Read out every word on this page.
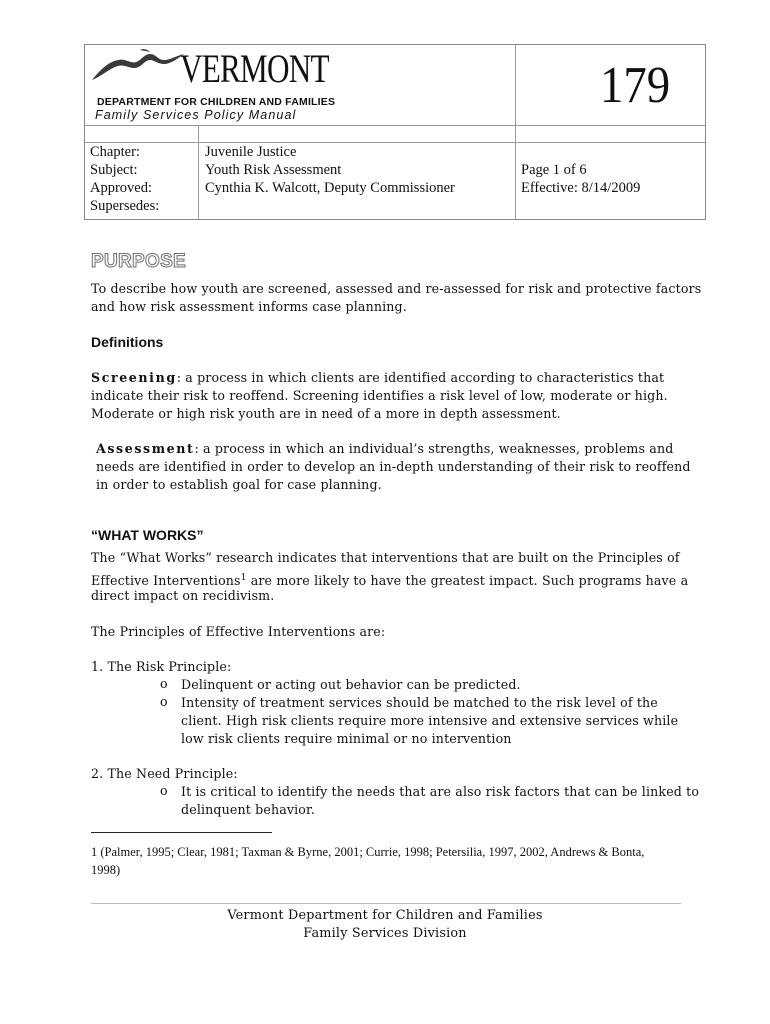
VERMONT
DEPARTMENT FOR CHILDREN AND FAMILIES
Family Services Policy Manual
179
Chapter:
Subject:
Approved:
Supersedes:
Juvenile Justice
Youth Risk Assessment
Cynthia K. Walcott, Deputy Commissioner
Page 1 of 6
Effective: 8/14/2009
PURPOSE
To describe how youth are screened, assessed and re-assessed for risk and protective factors
and how risk assessment informs case planning.
Definitions
Screening: a process in which clients are identified according to characteristics that
indicate their risk to reoffend. Screening identifies a risk level of low, moderate or high.
Moderate or high risk youth are in need of a more in depth assessment.
Assessment: a process in which an individual’s strengths, weaknesses, problems and
needs are identified in order to develop an in-depth understanding of their risk to reoffend
in order to establish goal for case planning.
“WHAT WORKS”
The “What Works” research indicates that interventions that are built on the Principles of
Effective Interventions$^1$ are more likely to have the greatest impact. Such programs have a
direct impact on recidivism.
The Principles of Effective Interventions are:
1. The Risk Principle:
o Delinquent or acting out behavior can be predicted.
o Intensity of treatment services should be matched to the risk level of the
client. High risk clients require more intensive and extensive services while
low risk clients require minimal or no intervention
2. The Need Principle:
o It is critical to identify the needs that are also risk factors that can be linked to
delinquent behavior.
1 (Palmer, 1995; Clear, 1981; Taxman & Byrne, 2001; Currie, 1998; Petersilia, 1997, 2002, Andrews & Bonta,
1998)
Vermont Department for Children and Families
Family Services Division
